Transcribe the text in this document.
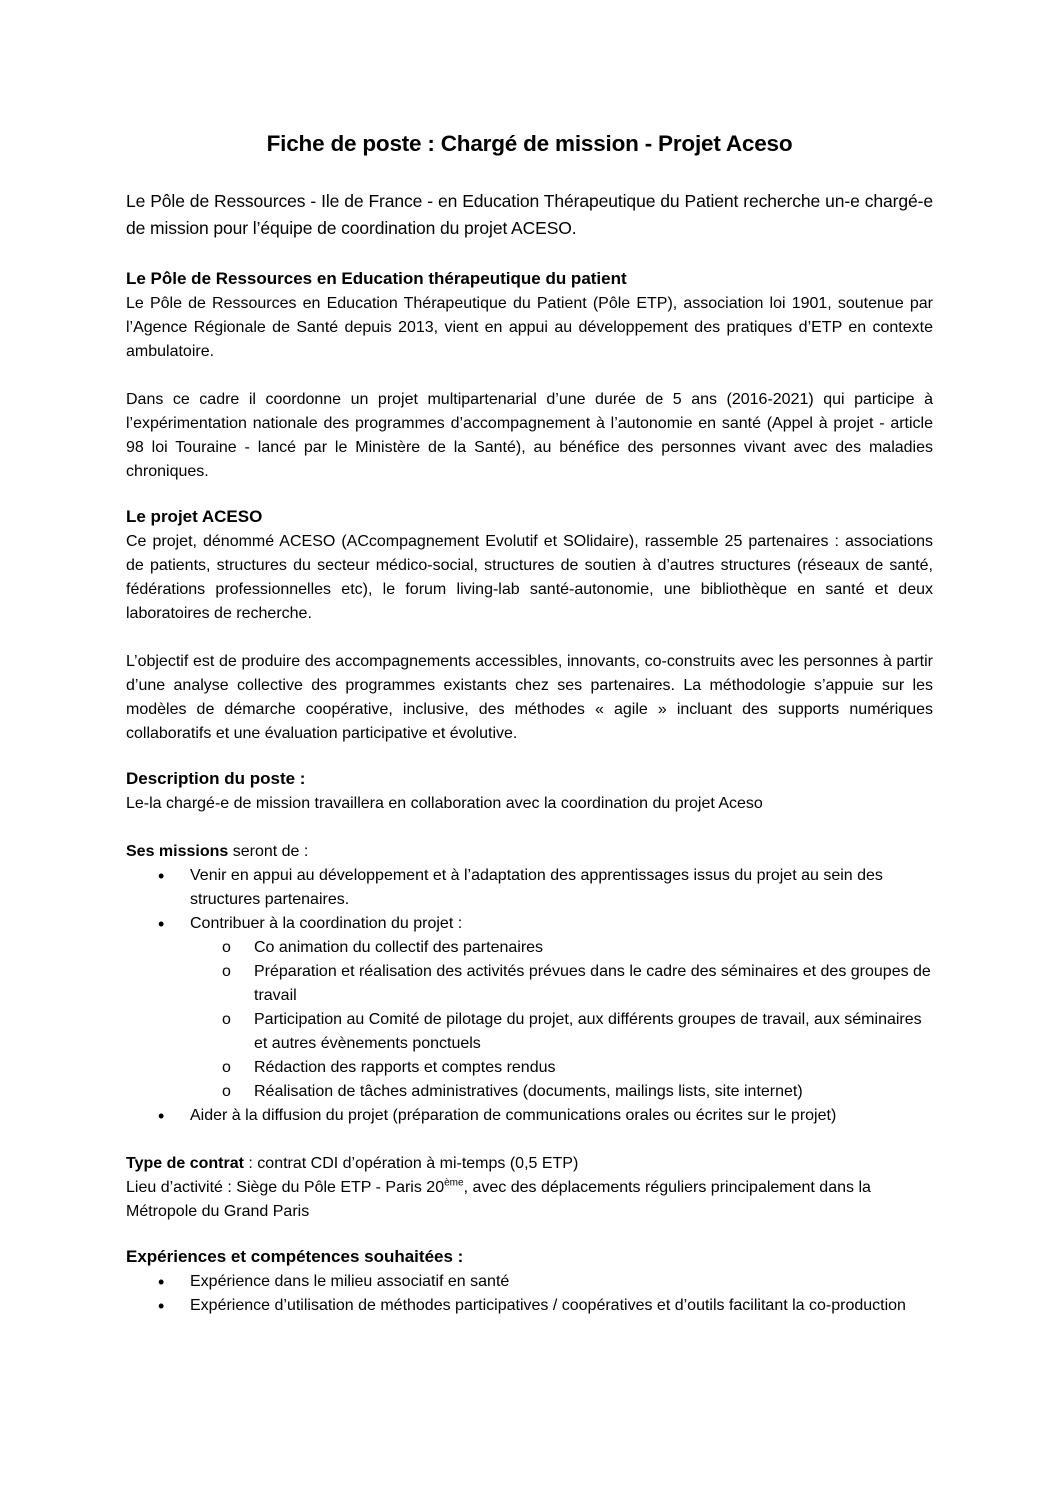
Fiche de poste : Chargé de mission - Projet Aceso

Le Pôle de Ressources - Ile de France - en Education Thérapeutique du Patient recherche un-e chargé-e de mission pour l’équipe de coordination du projet ACESO.

Le Pôle de Ressources en Education thérapeutique du patient

Le Pôle de Ressources en Education Thérapeutique du Patient (Pôle ETP), association loi 1901, soutenue par l’Agence Régionale de Santé depuis 2013, vient en appui au développement des pratiques d’ETP en contexte ambulatoire.

Dans ce cadre il coordonne un projet multipartenarial d’une durée de 5 ans (2016-2021) qui participe à l’expérimentation nationale des programmes d’accompagnement à l’autonomie en santé (Appel à projet - article 98 loi Touraine - lancé par le Ministère de la Santé), au bénéfice des personnes vivant avec des maladies chroniques.

Le projet ACESO

Ce projet, dénommé ACESO (ACcompagnement Evolutif et SOlidaire), rassemble 25 partenaires : associations de patients, structures du secteur médico-social, structures de soutien à d’autres structures (réseaux de santé, fédérations professionnelles etc), le forum living-lab santé-autonomie, une bibliothèque en santé et deux laboratoires de recherche.

L’objectif est de produire des accompagnements accessibles, innovants, co-construits avec les personnes à partir d’une analyse collective des programmes existants chez ses partenaires. La méthodologie s’appuie sur les modèles de démarche coopérative, inclusive, des méthodes « agile » incluant des supports numériques collaboratifs et une évaluation participative et évolutive.

Description du poste :

Le-la chargé-e de mission travaillera en collaboration avec la coordination du projet Aceso

Ses missions seront de :

• Venir en appui au développement et à l’adaptation des apprentissages issus du projet au sein des structures partenaires.
• Contribuer à la coordination du projet :
o Co animation du collectif des partenaires
o Préparation et réalisation des activités prévues dans le cadre des séminaires et des groupes de travail
o Participation au Comité de pilotage du projet, aux différents groupes de travail, aux séminaires et autres évènements ponctuels
o Rédaction des rapports et comptes rendus
o Réalisation de tâches administratives (documents, mailings lists, site internet)
• Aider à la diffusion du projet (préparation de communications orales ou écrites sur le projet)

Type de contrat : contrat CDI d’opération à mi-temps (0,5 ETP)

Lieu d’activité : Siège du Pôle ETP - Paris 20ème, avec des déplacements réguliers principalement dans la Métropole du Grand Paris

Expériences et compétences souhaitées :
• Expérience dans le milieu associatif en santé
• Expérience d’utilisation de méthodes participatives / coopératives et d’outils facilitant la co-production
